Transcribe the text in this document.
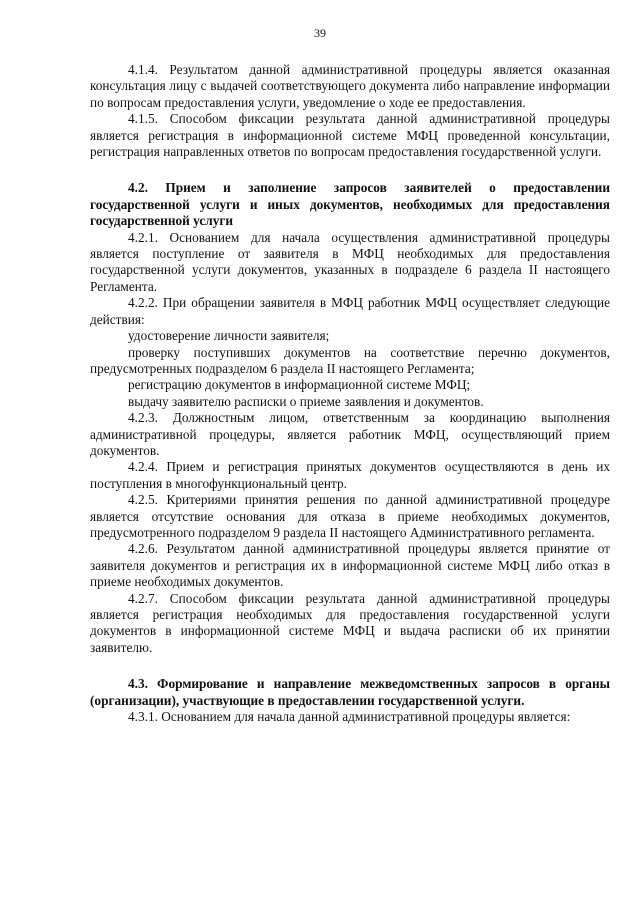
39

4.1.4. Результатом данной административной процедуры является оказанная консультация лицу с выдачей соответствующего документа либо направление информации по вопросам предоставления услуги, уведомление о ходе ее предоставления.

4.1.5. Способом фиксации результата данной административной процедуры является регистрация в информационной системе МФЦ проведенной консультации, регистрация направленных ответов по вопросам предоставления государственной услуги.

4.2. Прием и заполнение запросов заявителей о предоставлении государственной услуги и иных документов, необходимых для предоставления государственной услуги

4.2.1. Основанием для начала осуществления административной процедуры является поступление от заявителя в МФЦ необходимых для предоставления государственной услуги документов, указанных в подразделе 6 раздела II настоящего Регламента.

4.2.2. При обращении заявителя в МФЦ работник МФЦ осуществляет следующие действия:

удостоверение личности заявителя;

проверку поступивших документов на соответствие перечню документов, предусмотренных подразделом 6 раздела II настоящего Регламента;

регистрацию документов в информационной системе МФЦ;

выдачу заявителю расписки о приеме заявления и документов.

4.2.3. Должностным лицом, ответственным за координацию выполнения административной процедуры, является работник МФЦ, осуществляющий прием документов.

4.2.4. Прием и регистрация принятых документов осуществляются в день их поступления в многофункциональный центр.

4.2.5. Критериями принятия решения по данной административной процедуре является отсутствие основания для отказа в приеме необходимых документов, предусмотренного подразделом 9 раздела II настоящего Административного регламента.

4.2.6. Результатом данной административной процедуры является принятие от заявителя документов и регистрация их в информационной системе МФЦ либо отказ в приеме необходимых документов.

4.2.7. Способом фиксации результата данной административной процедуры является регистрация необходимых для предоставления государственной услуги документов в информационной системе МФЦ и выдача расписки об их принятии заявителю.

4.3. Формирование и направление межведомственных запросов в органы (организации), участвующие в предоставлении государственной услуги.

4.3.1. Основанием для начала данной административной процедуры является:
